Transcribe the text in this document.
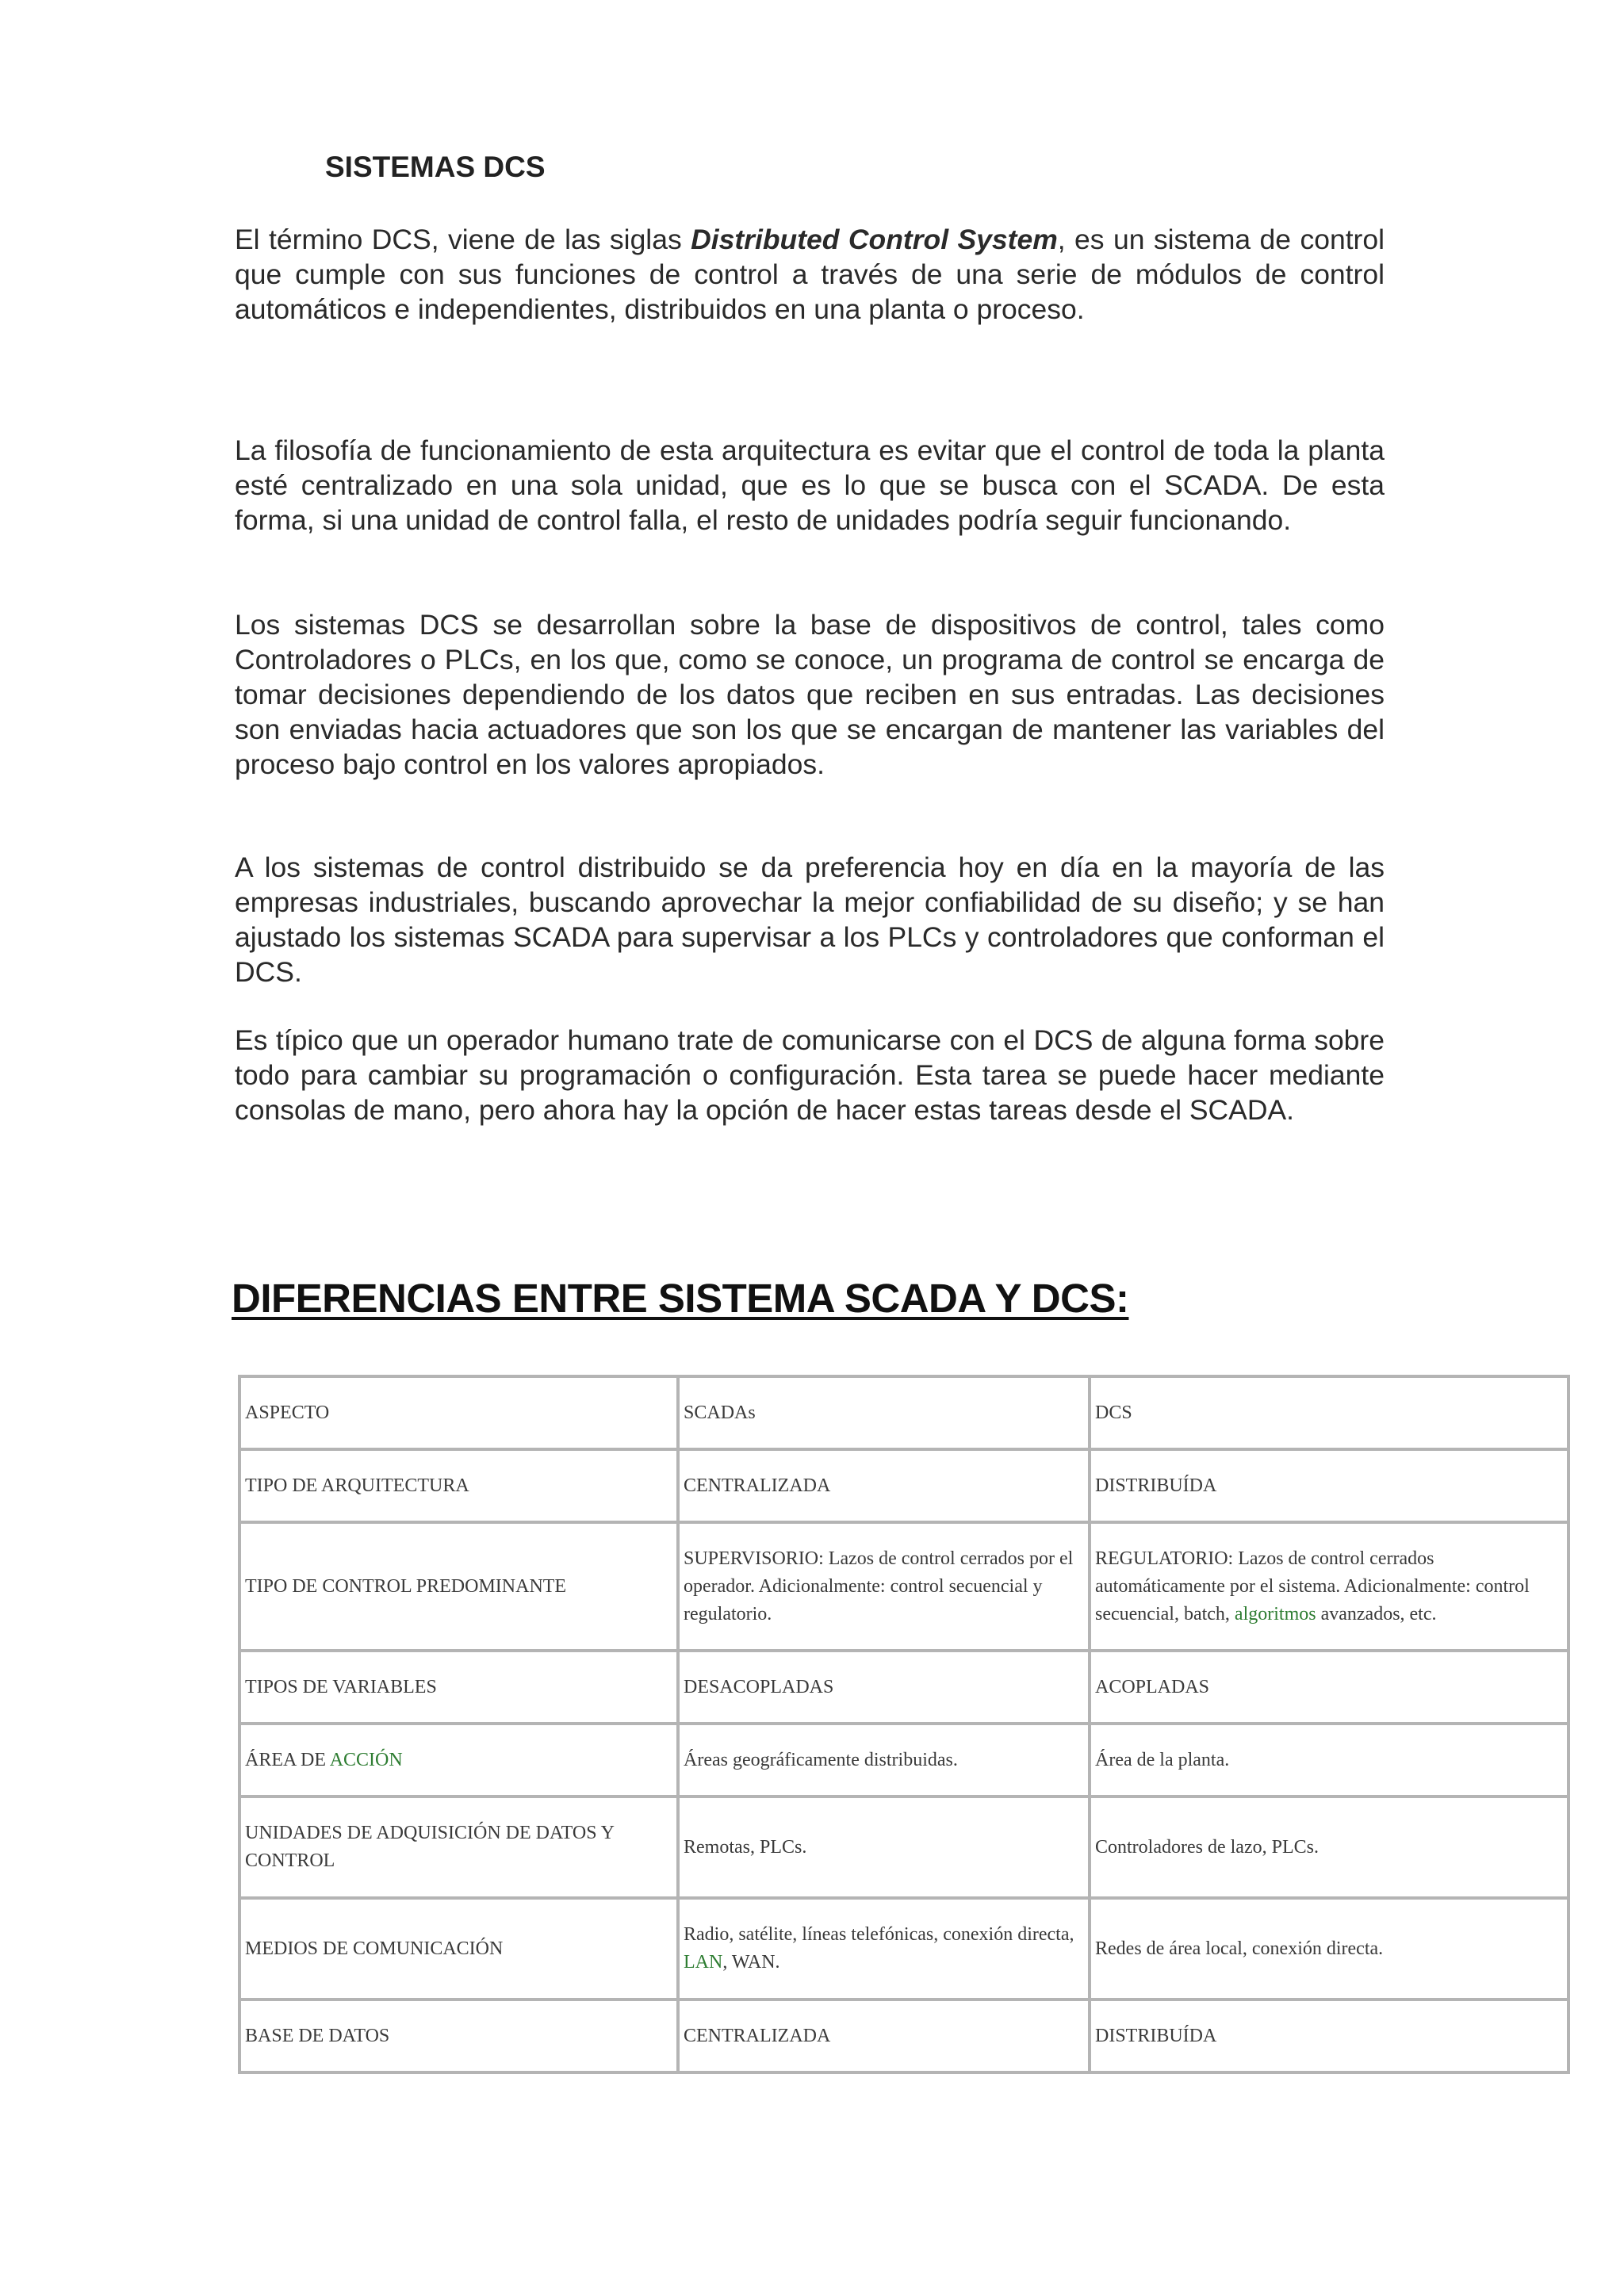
SISTEMAS DCS

El término DCS, viene de las siglas Distributed Control System, es un sistema de control que cumple con sus funciones de control a través de una serie de módulos de control automáticos e independientes, distribuidos en una planta o proceso.

La filosofía de funcionamiento de esta arquitectura es evitar que el control de toda la planta esté centralizado en una sola unidad, que es lo que se busca con el SCADA. De esta forma, si una unidad de control falla, el resto de unidades podría seguir funcionando.

Los sistemas DCS se desarrollan sobre la base de dispositivos de control, tales como Controladores o PLCs, en los que, como se conoce, un programa de control se encarga de tomar decisiones dependiendo de los datos que reciben en sus entradas. Las decisiones son enviadas hacia actuadores que son los que se encargan de mantener las variables del proceso bajo control en los valores apropiados.

A los sistemas de control distribuido se da preferencia hoy en día en la mayoría de las empresas industriales, buscando aprovechar la mejor confiabilidad de su diseño; y se han ajustado los sistemas SCADA para supervisar a los PLCs y controladores que conforman el DCS.

Es típico que un operador humano trate de comunicarse con el DCS de alguna forma sobre todo para cambiar su programación o configuración. Esta tarea se puede hacer mediante consolas de mano, pero ahora hay la opción de hacer estas tareas desde el SCADA.

DIFERENCIAS ENTRE SISTEMA SCADA Y DCS:
ASPECTO	SCADAs	DCS
TIPO DE ARQUITECTURA	CENTRALIZADA	DISTRIBUÍDA
TIPO DE CONTROL PREDOMINANTE	SUPERVISORIO: Lazos de control cerrados por el operador. Adicionalmente: control secuencial y regulatorio.	REGULATORIO: Lazos de control cerrados automáticamente por el sistema. Adicionalmente: control secuencial, batch, algoritmos avanzados, etc.
TIPOS DE VARIABLES	DESACOPLADAS	ACOPLADAS
ÁREA DE ACCIÓN	Áreas geográficamente distribuidas.	Área de la planta.
UNIDADES DE ADQUISICIÓN DE DATOS Y CONTROL	Remotas, PLCs.	Controladores de lazo, PLCs.
MEDIOS DE COMUNICACIÓN	Radio, satélite, líneas telefónicas, conexión directa, LAN, WAN.	Redes de área local, conexión directa.
BASE DE DATOS	CENTRALIZADA	DISTRIBUÍDA
